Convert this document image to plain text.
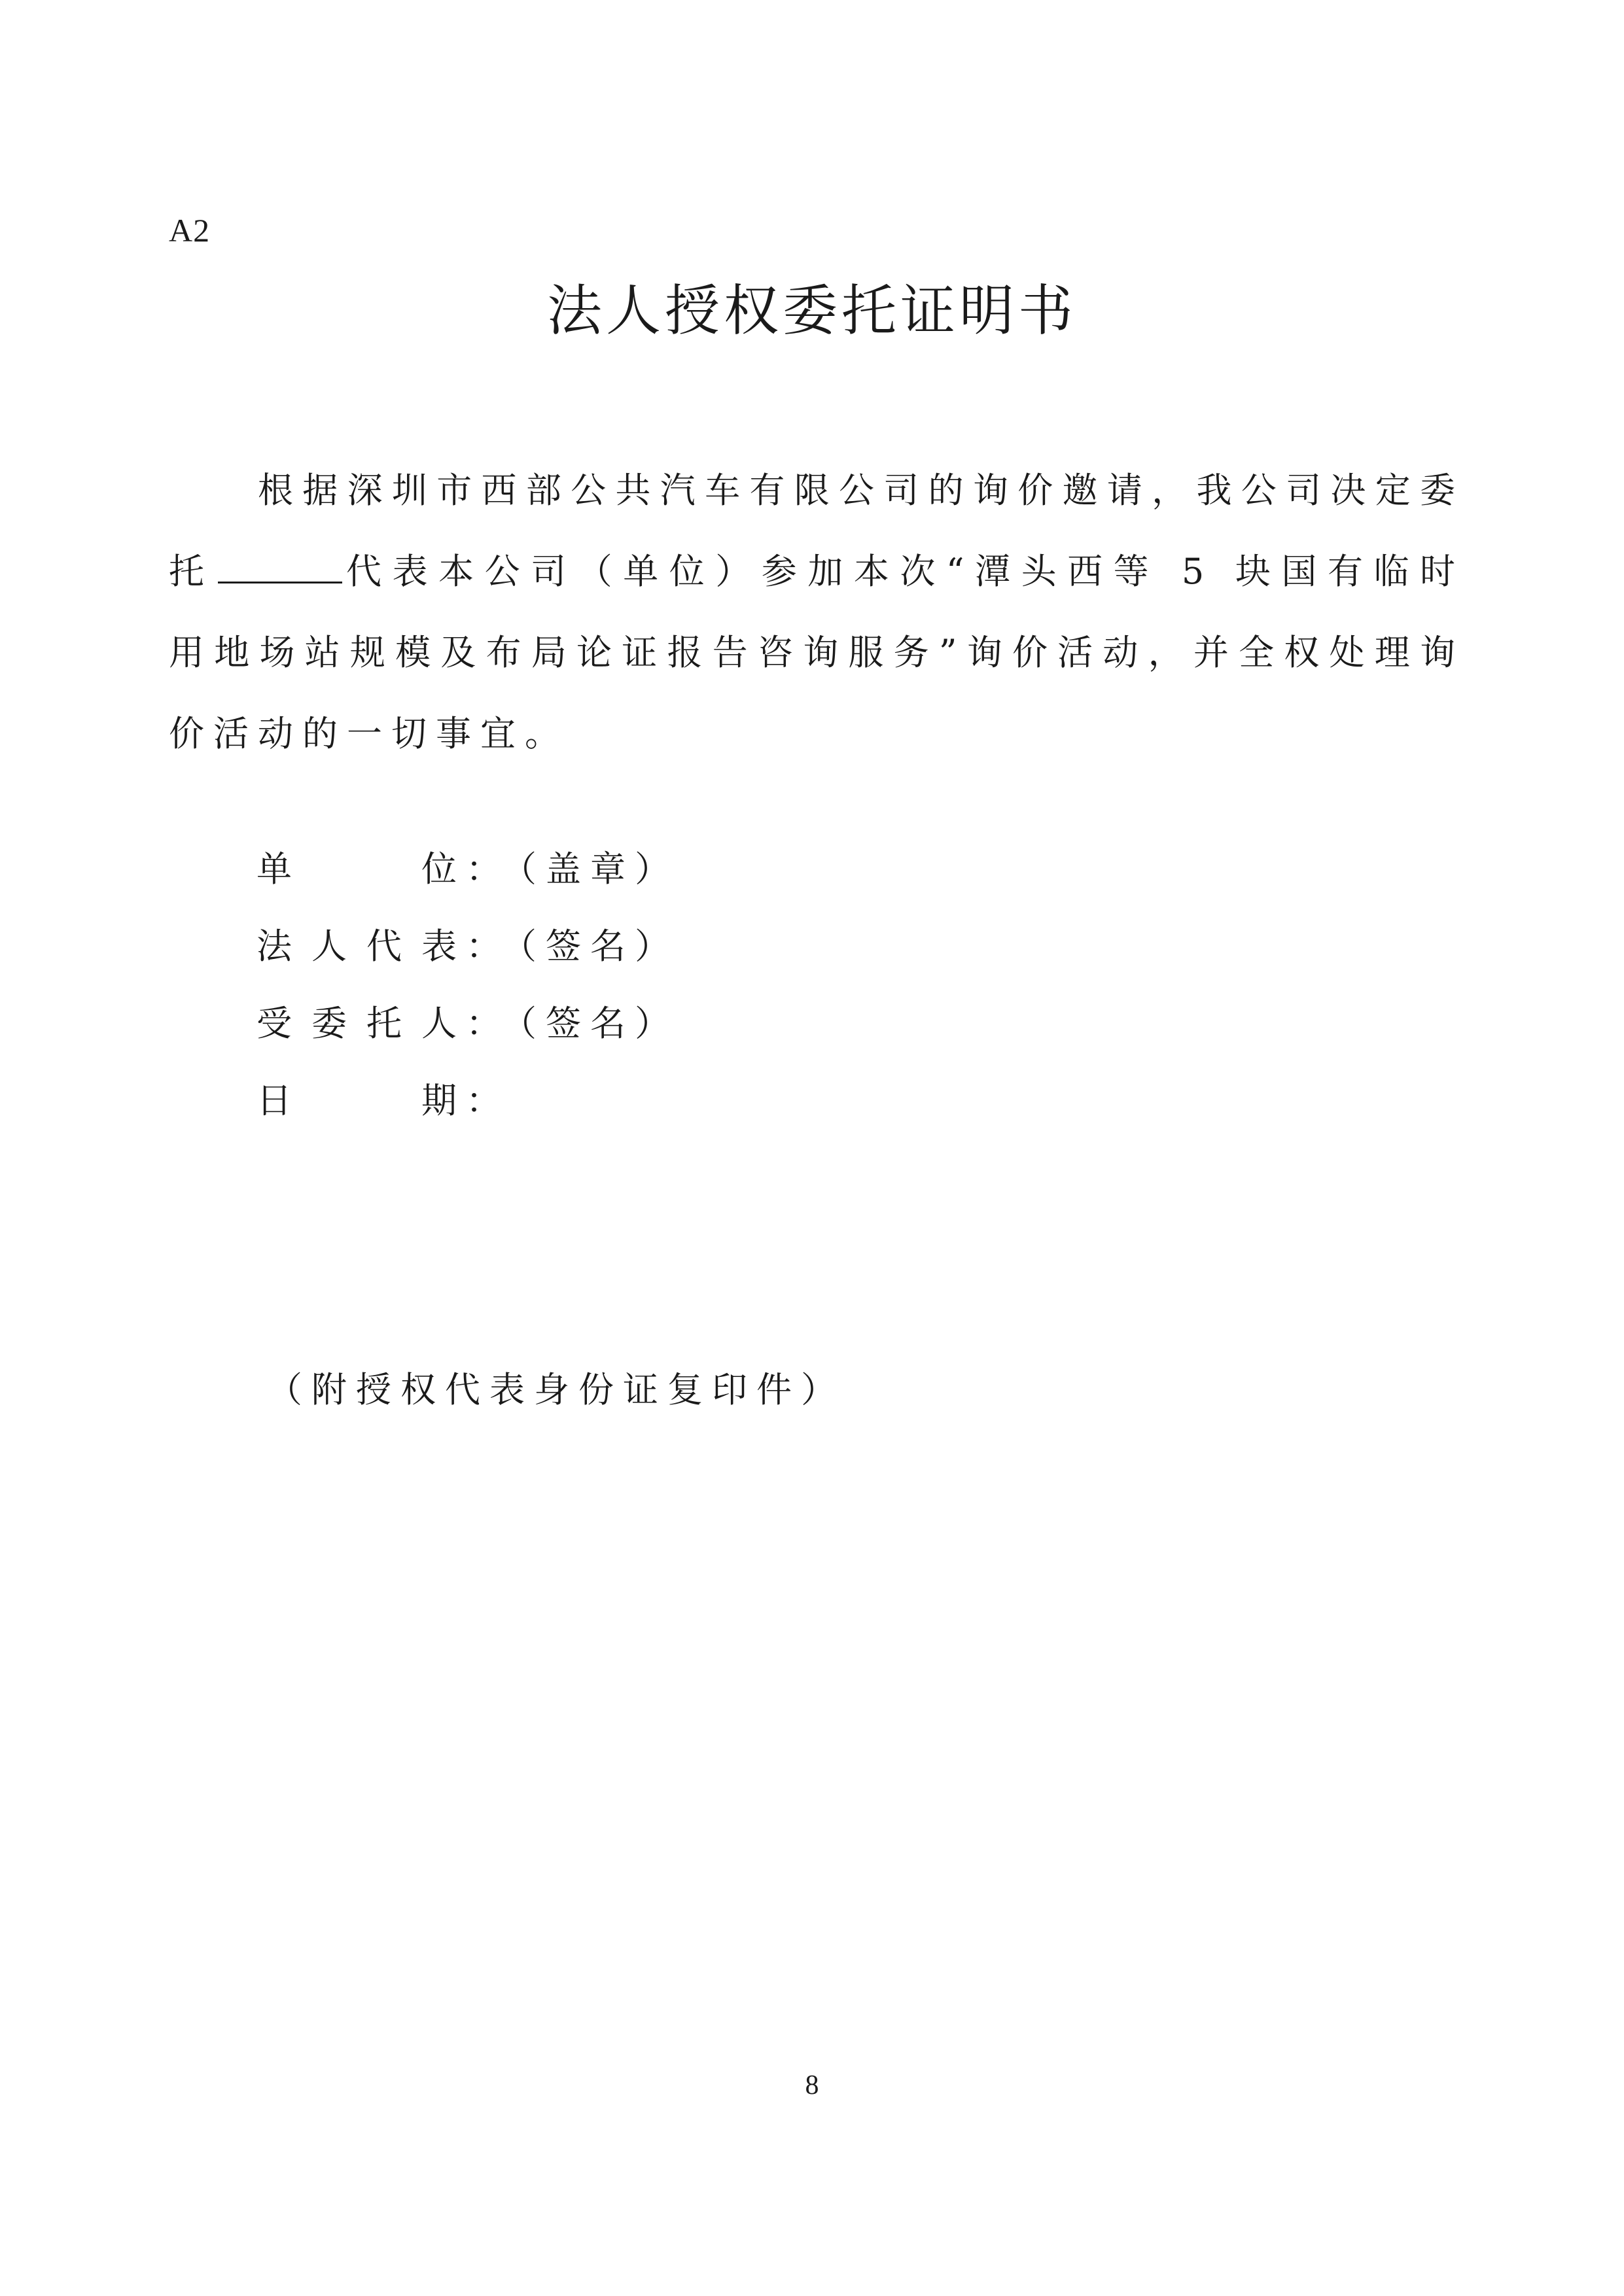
A2
法人授权委托证明书

根据深圳市西部公共汽车有限公司的询价邀请，我公司决定委托	代表本公司（单位）参加本次“潭头西等 5 块国有临时用地场站规模及布局论证报告咨询服务”询价活动，并全权处理询价活动的一切事宜。

单位 ：
（盖章）
法人代表 ：
（签名）
受委托人 ：
（签名）
日期 ：
（附授权代表身份证复印件）
8
